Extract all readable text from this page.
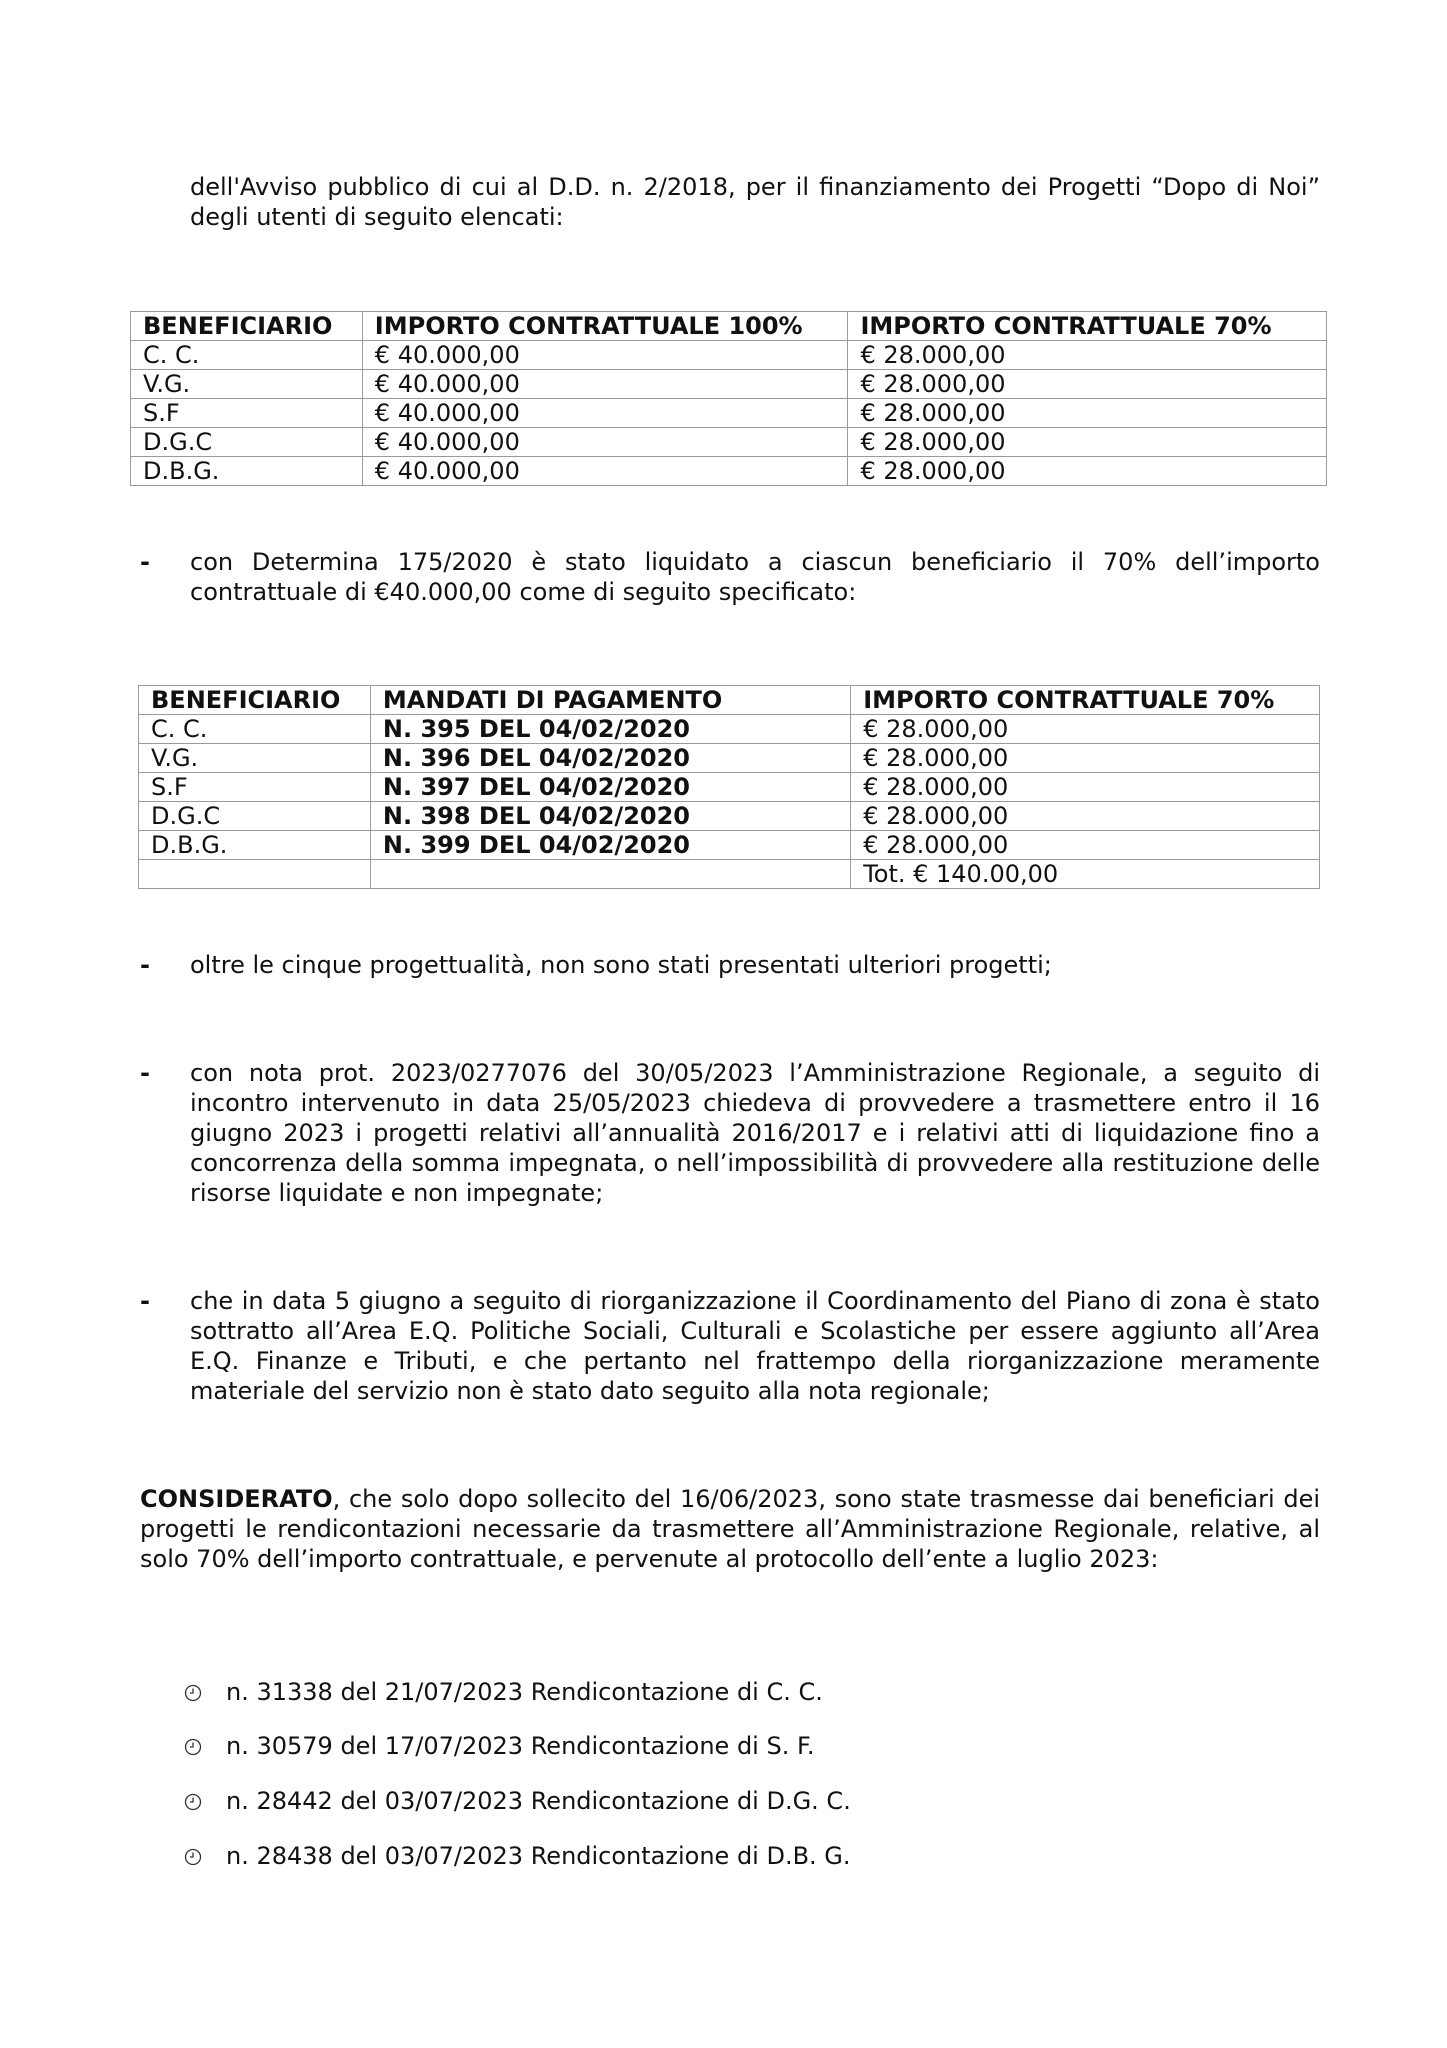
dell'Avviso pubblico di cui al D.D. n. 2/2018, per il finanziamento dei Progetti “Dopo di Noi”
degli utenti di seguito elencati:
BENEFICIARIO	IMPORTO CONTRATTUALE 100%	IMPORTO CONTRATTUALE 70%
C. C.	€ 40.000,00	€ 28.000,00
V.G.	€ 40.000,00	€ 28.000,00
S.F	€ 40.000,00	€ 28.000,00
D.G.C	€ 40.000,00	€ 28.000,00
D.B.G.	€ 40.000,00	€ 28.000,00
-	con Determina 175/2020 è stato liquidato a ciascun beneficiario il 70% dell’importo contrattuale di €40.000,00 come di seguito specificato:
BENEFICIARIO	MANDATI DI PAGAMENTO	IMPORTO CONTRATTUALE 70%
C. C.	N. 395 DEL 04/02/2020	€ 28.000,00
V.G.	N. 396 DEL 04/02/2020	€ 28.000,00
S.F	N. 397 DEL 04/02/2020	€ 28.000,00
D.G.C	N. 398 DEL 04/02/2020	€ 28.000,00
D.B.G.	N. 399 DEL 04/02/2020	€ 28.000,00
		Tot. € 140.00,00
-	oltre le cinque progettualità, non sono stati presentati ulteriori progetti;
-	con nota prot. 2023/0277076 del 30/05/2023 l’Amministrazione Regionale, a seguito di incontro intervenuto in data 25/05/2023 chiedeva di provvedere a trasmettere entro il 16 giugno 2023 i progetti relativi all’annualità 2016/2017 e i relativi atti di liquidazione fino a concorrenza della somma impegnata, o nell’impossibilità di provvedere alla restituzione delle risorse liquidate e non impegnate;
-	che in data 5 giugno a seguito di riorganizzazione il Coordinamento del Piano di zona è stato sottratto all’Area E.Q. Politiche Sociali, Culturali e Scolastiche per essere aggiunto all’Area E.Q. Finanze e Tributi, e che pertanto nel frattempo della riorganizzazione meramente materiale del servizio non è stato dato seguito alla nota regionale;
CONSIDERATO, che solo dopo sollecito del 16/06/2023, sono state trasmesse dai beneficiari dei progetti le rendicontazioni necessarie da trasmettere all’Amministrazione Regionale, relative, al solo 70% dell’importo contrattuale, e pervenute al protocollo dell’ente a luglio 2023:
n. 31338 del 21/07/2023 Rendicontazione di C. C.
n. 30579 del 17/07/2023 Rendicontazione di S. F.
n. 28442 del 03/07/2023 Rendicontazione di D.G. C.
n. 28438 del 03/07/2023 Rendicontazione di D.B. G.
